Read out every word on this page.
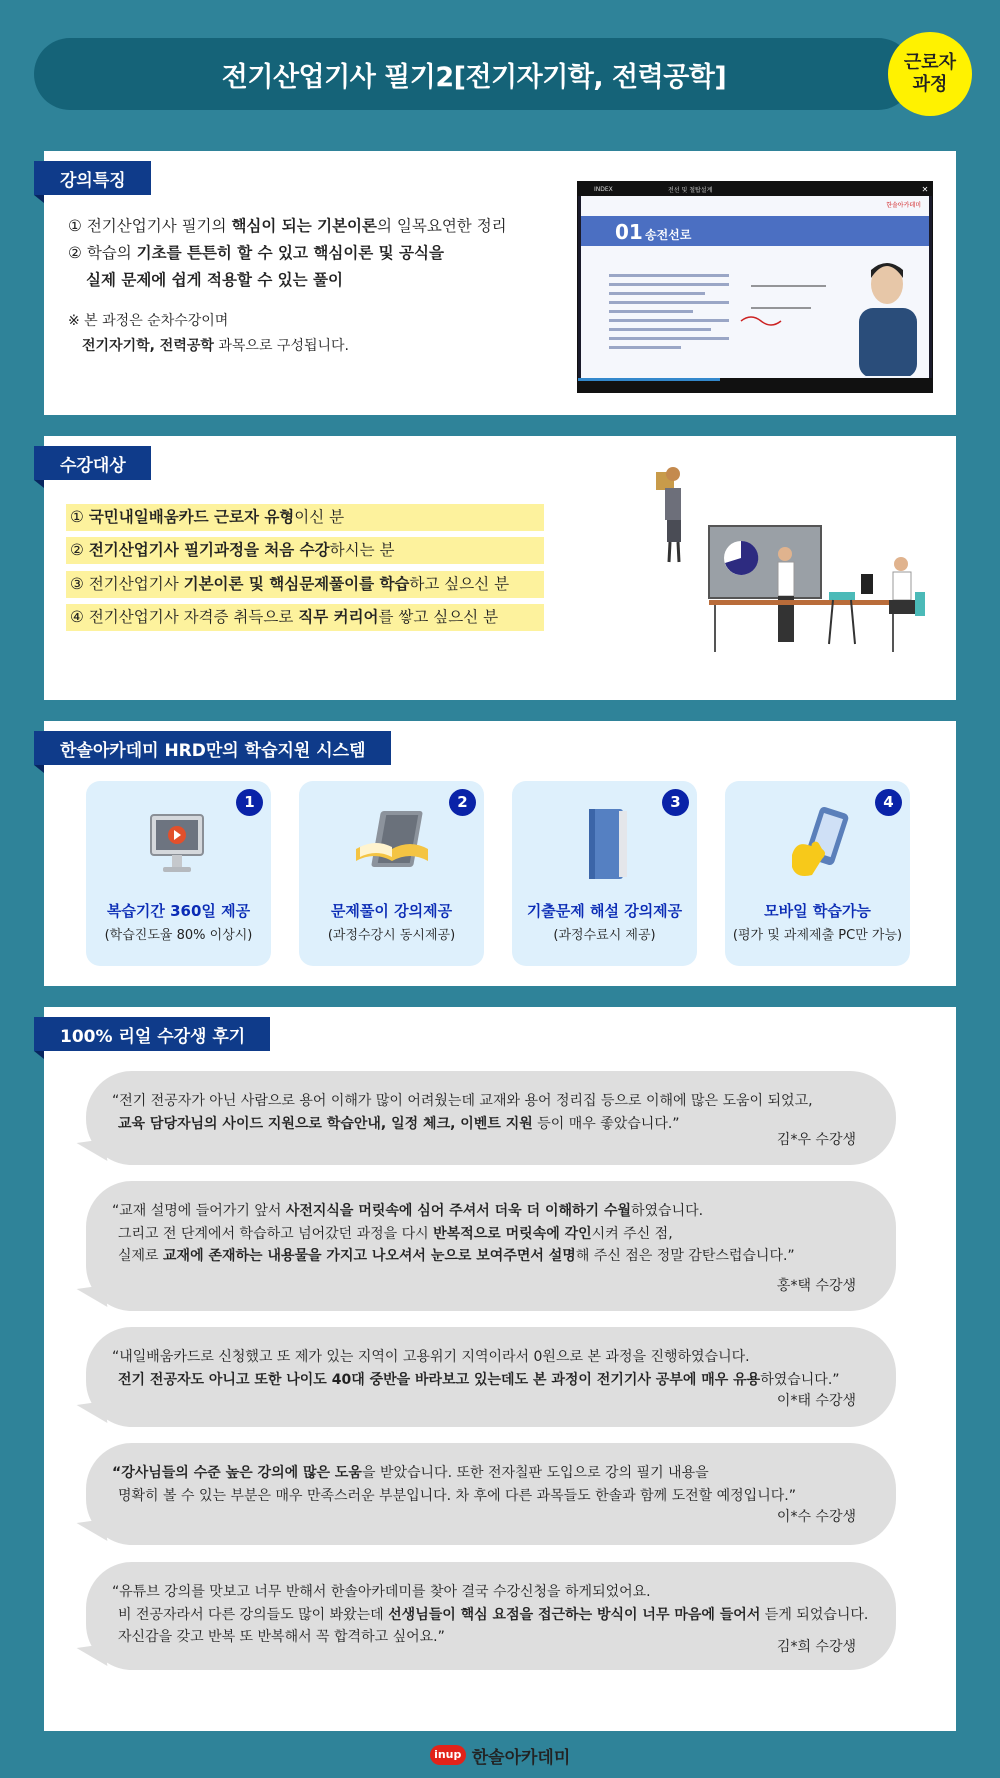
전기산업기사 필기2[전기자기학, 전력공학]	근로자
과정
강의특징
① 전기산업기사 필기의 핵심이 되는 기본이론의 일목요연한 정리
② 학습의 기초를 튼튼히 할 수 있고 핵심이론 및 공식을
실제 문제에 쉽게 적용할 수 있는 풀이
※ 본 과정은 순차수강이며
전기자기학, 전력공학 과목으로 구성됩니다.
INDEX	전선 및 철탑설계	✕
한솔아카데미
01 송전선로
수강대상
① 국민내일배움카드 근로자 유형이신 분
② 전기산업기사 필기과정을 처음 수강하시는 분
③ 전기산업기사 기본이론 및 핵심문제풀이를 학습하고 싶으신 분
④ 전기산업기사 자격증 취득으로 직무 커리어를 쌓고 싶으신 분
한솔아카데미 HRD만의 학습지원 시스템
1
복습기간 360일 제공
(학습진도율 80% 이상시)
2
문제풀이 강의제공
(과정수강시 동시제공)
3
기출문제 해설 강의제공
(과정수료시 제공)
4
모바일 학습가능
(평가 및 과제제출 PC만 가능)
100% 리얼 수강생 후기
“전기 전공자가 아닌 사람으로 용어 이해가 많이 어려웠는데 교재와 용어 정리집 등으로 이해에 많은 도움이 되었고,
교육 담당자님의 사이드 지원으로 학습안내, 일정 체크, 이벤트 지원 등이 매우 좋았습니다.”
김*우 수강생
“교재 설명에 들어가기 앞서 사전지식을 머릿속에 심어 주셔서 더욱 더 이해하기 수월하였습니다.
그리고 전 단계에서 학습하고 넘어갔던 과정을 다시 반복적으로 머릿속에 각인시켜 주신 점,
실제로 교재에 존재하는 내용물을 가지고 나오셔서 눈으로 보여주면서 설명해 주신 점은 정말 감탄스럽습니다.”
홍*택 수강생
“내일배움카드로 신청했고 또 제가 있는 지역이 고용위기 지역이라서 0원으로 본 과정을 진행하였습니다.
전기 전공자도 아니고 또한 나이도 40대 중반을 바라보고 있는데도 본 과정이 전기기사 공부에 매우 유용하였습니다.”
이*태 수강생
“강사님들의 수준 높은 강의에 많은 도움을 받았습니다. 또한 전자칠판 도입으로 강의 필기 내용을
명확히 볼 수 있는 부분은 매우 만족스러운 부분입니다. 차 후에 다른 과목들도 한솔과 함께 도전할 예정입니다.”
이*수 수강생
“유튜브 강의를 맛보고 너무 반해서 한솔아카데미를 찾아 결국 수강신청을 하게되었어요.
비 전공자라서 다른 강의들도 많이 봐왔는데 선생님들이 핵심 요점을 접근하는 방식이 너무 마음에 들어서 듣게 되었습니다.
자신감을 갖고 반복 또 반복해서 꼭 합격하고 싶어요.”
김*희 수강생
inup 한솔아카데미
